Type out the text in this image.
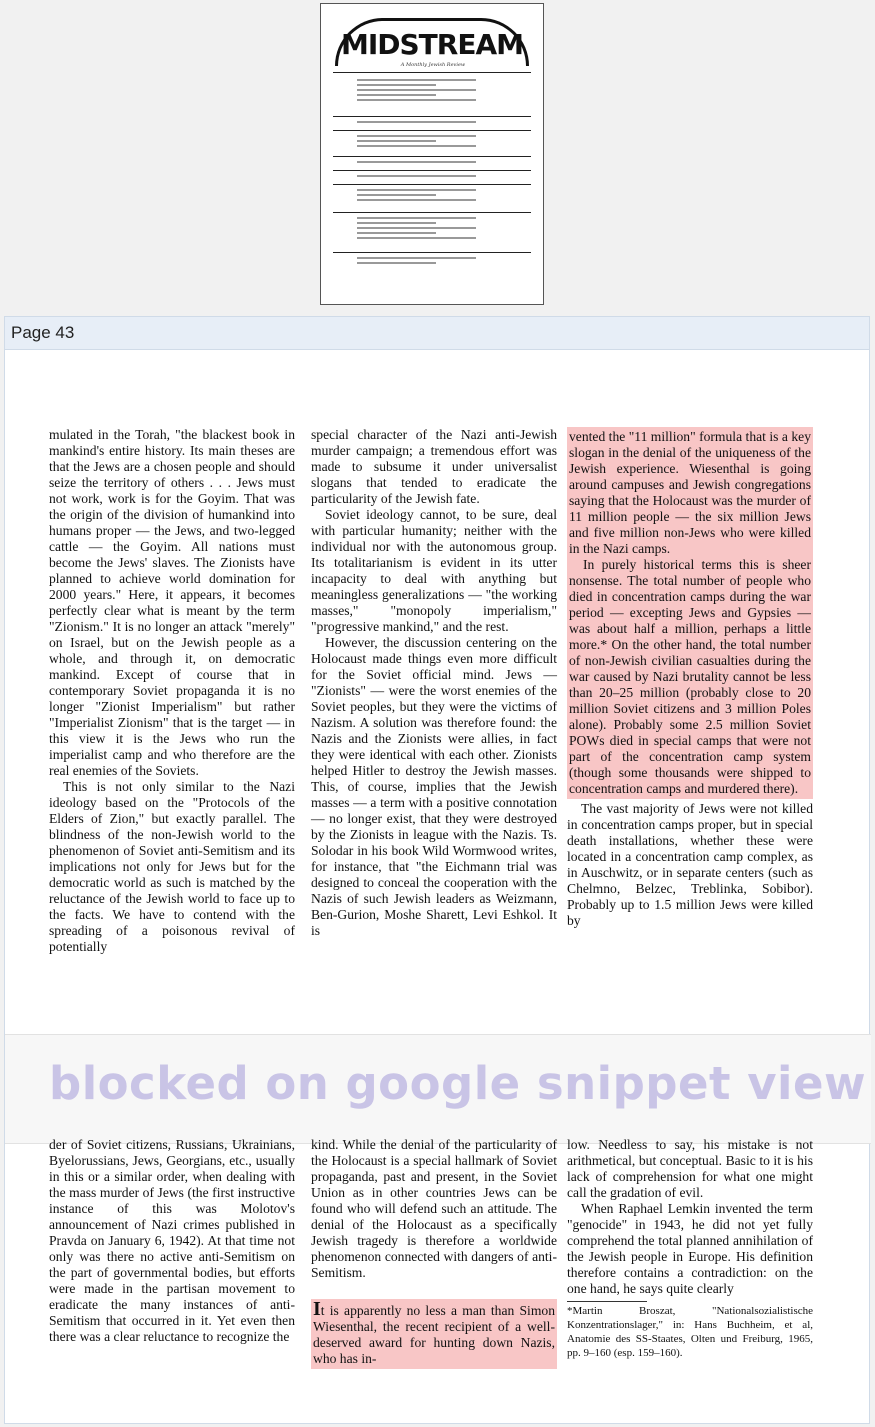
MIDSTREAM
A Monthly Jewish Review
Page 43

mulated in the Torah, "the blackest book in mankind's entire history. Its main theses are that the Jews are a chosen people and should seize the territory of others . . . Jews must not work, work is for the Goyim. That was the origin of the division of humankind into humans proper — the Jews, and two-legged cattle — the Goyim. All nations must become the Jews' slaves. The Zionists have planned to achieve world domination for 2000 years." Here, it appears, it becomes perfectly clear what is meant by the term "Zionism." It is no longer an attack "merely" on Israel, but on the Jewish people as a whole, and through it, on democratic mankind. Except of course that in contemporary Soviet propaganda it is no longer "Zionist Imperialism" but rather "Imperialist Zionism" that is the target — in this view it is the Jews who run the imperialist camp and who therefore are the real enemies of the Soviets.

This is not only similar to the Nazi ideology based on the "Protocols of the Elders of Zion," but exactly parallel. The blindness of the non-Jewish world to the phenomenon of Soviet anti-Semitism and its implications not only for Jews but for the democratic world as such is matched by the reluctance of the Jewish world to face up to the facts. We have to contend with the spreading of a poisonous revival of potentially

special character of the Nazi anti-Jewish murder campaign; a tremendous effort was made to subsume it under universalist slogans that tended to eradicate the particularity of the Jewish fate.

Soviet ideology cannot, to be sure, deal with particular humanity; neither with the individual nor with the autonomous group. Its totalitarianism is evident in its utter incapacity to deal with anything but meaningless generalizations — "the working masses," "monopoly imperialism," "progressive mankind," and the rest.

However, the discussion centering on the Holocaust made things even more difficult for the Soviet official mind. Jews — "Zionists" — were the worst enemies of the Soviet peoples, but they were the victims of Nazism. A solution was therefore found: the Nazis and the Zionists were allies, in fact they were identical with each other. Zionists helped Hitler to destroy the Jewish masses. This, of course, implies that the Jewish masses — a term with a positive connotation — no longer exist, that they were destroyed by the Zionists in league with the Nazis. Ts. Solodar in his book Wild Wormwood writes, for instance, that "the Eichmann trial was designed to conceal the cooperation with the Nazis of such Jewish leaders as Weizmann, Ben-Gurion, Moshe Sharett, Levi Eshkol. It is

vented the "11 million" formula that is a key slogan in the denial of the uniqueness of the Jewish experience. Wiesenthal is going around campuses and Jewish congregations saying that the Holocaust was the murder of 11 million people — the six million Jews and five million non-Jews who were killed in the Nazi camps.

In purely historical terms this is sheer nonsense. The total number of people who died in concentration camps during the war period — excepting Jews and Gypsies — was about half a million, perhaps a little more.* On the other hand, the total number of non-Jewish civilian casualties during the war caused by Nazi brutality cannot be less than 20–25 million (probably close to 20 million Soviet citizens and 3 million Poles alone). Probably some 2.5 million Soviet POWs died in special camps that were not part of the concentration camp system (though some thousands were shipped to concentration camps and murdered there).

The vast majority of Jews were not killed in concentration camps proper, but in special death installations, whether these were located in a concentration camp complex, as in Auschwitz, or in separate centers (such as Chelmno, Belzec, Treblinka, Sobibor). Probably up to 1.5 million Jews were killed by

blocked on google snippet view

der of Soviet citizens, Russians, Ukrainians, Byelorussians, Jews, Georgians, etc., usually in this or a similar order, when dealing with the mass murder of Jews (the first instructive instance of this was Molotov's announcement of Nazi crimes published in Pravda on January 6, 1942). At that time not only was there no active anti-Semitism on the part of governmental bodies, but efforts were made in the partisan movement to eradicate the many instances of anti-Semitism that occurred in it. Yet even then there was a clear reluctance to recognize the

kind. While the denial of the particularity of the Holocaust is a special hallmark of Soviet propaganda, past and present, in the Soviet Union as in other countries Jews can be found who will defend such an attitude. The denial of the Holocaust as a specifically Jewish tragedy is therefore a worldwide phenomenon connected with dangers of anti-Semitism.

It is apparently no less a man than Simon Wiesenthal, the recent recipient of a well-deserved award for hunting down Nazis, who has in-

low. Needless to say, his mistake is not arithmetical, but conceptual. Basic to it is his lack of comprehension for what one might call the gradation of evil.

When Raphael Lemkin invented the term "genocide" in 1943, he did not yet fully comprehend the total planned annihilation of the Jewish people in Europe. His definition therefore contains a contradiction: on the one hand, he says quite clearly

*Martin Broszat, "Nationalsozialistische Konzentrationslager," in: Hans Buchheim, et al, Anatomie des SS-Staates, Olten und Freiburg, 1965, pp. 9–160 (esp. 159–160).
